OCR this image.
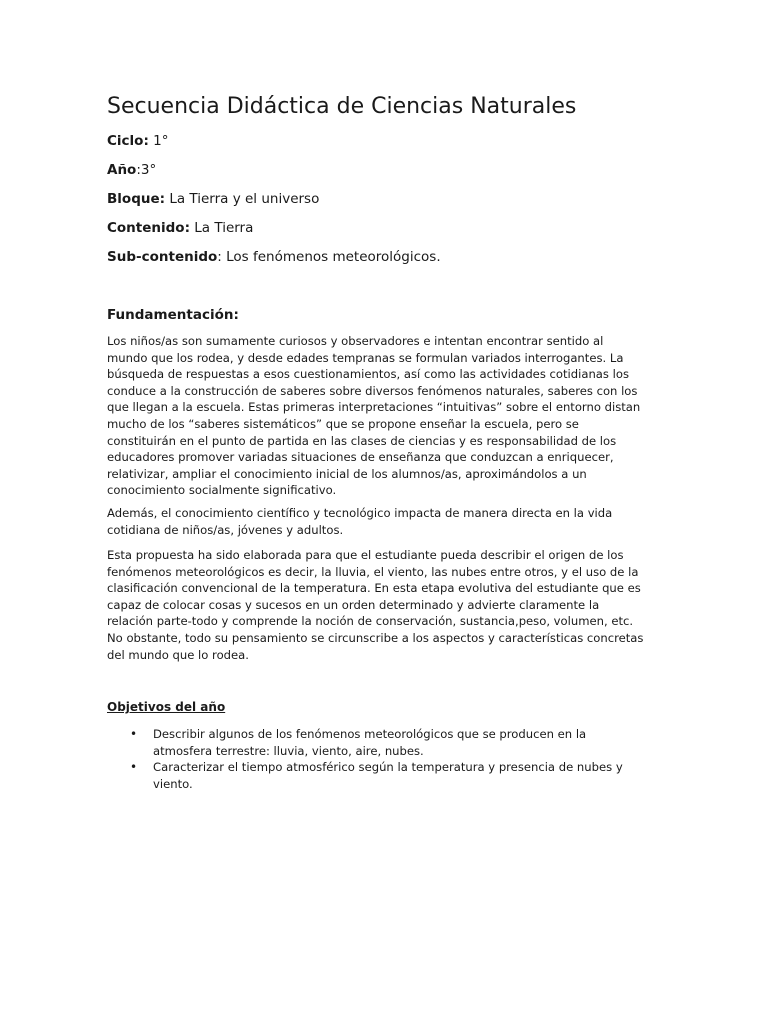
Secuencia Didáctica de Ciencias Naturales

Ciclo: 1°

Año:3°

Bloque: La Tierra y el universo

Contenido: La Tierra

Sub-contenido: Los fenómenos meteorológicos.

Fundamentación:

Los niños/as son sumamente curiosos y observadores e intentan encontrar sentido al
mundo que los rodea, y desde edades tempranas se formulan variados interrogantes. La
búsqueda de respuestas a esos cuestionamientos, así como las actividades cotidianas los
conduce a la construcción de saberes sobre diversos fenómenos naturales, saberes con los
que llegan a la escuela. Estas primeras interpretaciones “intuitivas” sobre el entorno distan
mucho de los “saberes sistemáticos” que se propone enseñar la escuela, pero se
constituirán en el punto de partida en las clases de ciencias y es responsabilidad de los
educadores promover variadas situaciones de enseñanza que conduzcan a enriquecer,
relativizar, ampliar el conocimiento inicial de los alumnos/as, aproximándolos a un
conocimiento socialmente significativo.

Además, el conocimiento científico y tecnológico impacta de manera directa en la vida
cotidiana de niños/as, jóvenes y adultos.

Esta propuesta ha sido elaborada para que el estudiante pueda describir el origen de los
fenómenos meteorológicos es decir, la lluvia, el viento, las nubes entre otros, y el uso de la
clasificación convencional de la temperatura. En esta etapa evolutiva del estudiante que es
capaz de colocar cosas y sucesos en un orden determinado y advierte claramente la
relación parte-todo y comprende la noción de conservación, sustancia,peso, volumen, etc.
No obstante, todo su pensamiento se circunscribe a los aspectos y características concretas
del mundo que lo rodea.

Objetivos del año
• Describir algunos de los fenómenos meteorológicos que se producen en la
atmosfera terrestre: lluvia, viento, aire, nubes.
• Caracterizar el tiempo atmosférico según la temperatura y presencia de nubes y
viento.
